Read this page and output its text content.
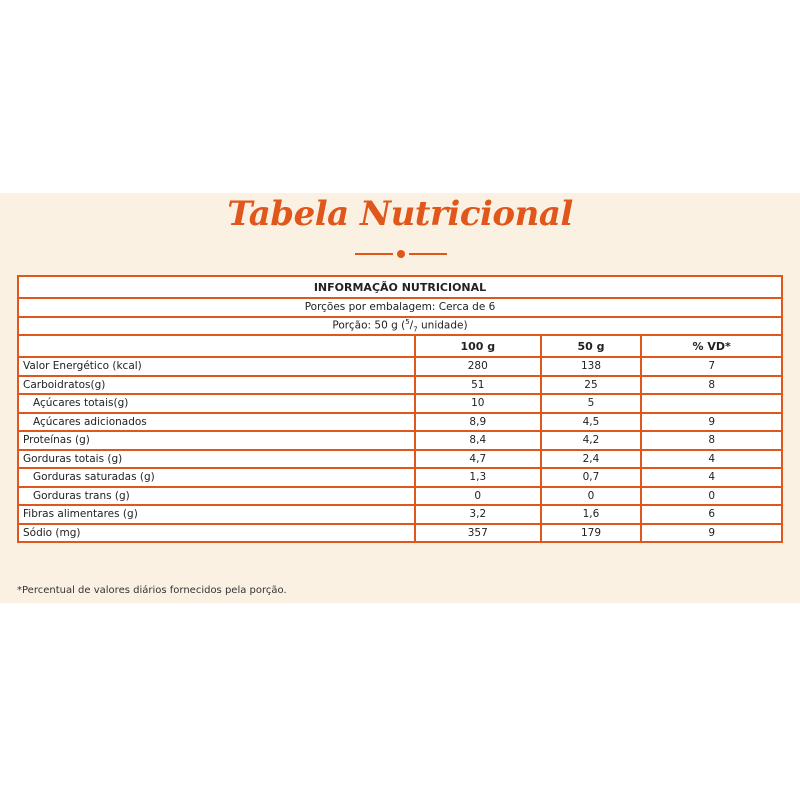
Tabela Nutricional
INFORMAÇÃO NUTRICIONAL			
Porções por embalagem: Cerca de 6			
Porção: 50 g ($^5/_7$ unidade)			
	100 g	50 g	% VD*
Valor Energético (kcal)	280	138	7
Carboidratos(g)	51	25	8
Açúcares totais(g)	10	5	
Açúcares adicionados	8,9	4,5	9
Proteínas (g)	8,4	4,2	8
Gorduras totais (g)	4,7	2,4	4
Gorduras saturadas (g)	1,3	0,7	4
Gorduras trans (g)	0	0	0
Fibras alimentares (g)	3,2	1,6	6
Sódio (mg)	357	179	9
*Percentual de valores diários fornecidos pela porção.
